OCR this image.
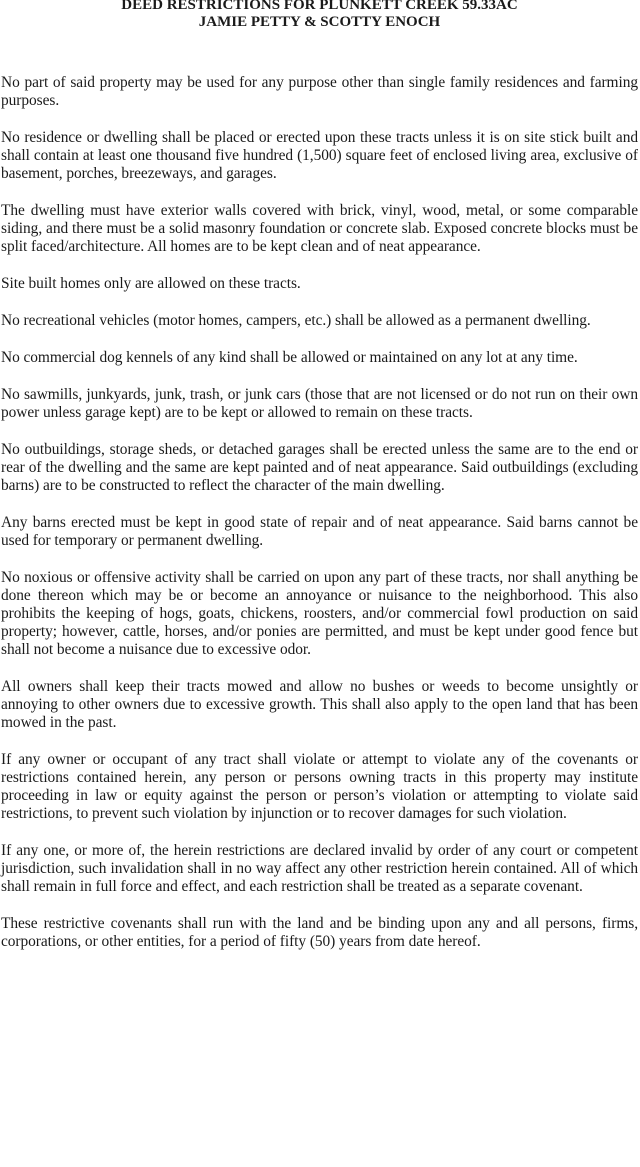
DEED RESTRICTIONS FOR PLUNKETT CREEK 59.33AC
JAMIE PETTY & SCOTTY ENOCH

No part of said property may be used for any purpose other than single family residences and farming purposes.

No residence or dwelling shall be placed or erected upon these tracts unless it is on site stick built and shall contain at least one thousand five hundred (1,500) square feet of enclosed living area, exclusive of basement, porches, breezeways, and garages.

The dwelling must have exterior walls covered with brick, vinyl, wood, metal, or some comparable siding, and there must be a solid masonry foundation or concrete slab. Exposed concrete blocks must be split faced/architecture. All homes are to be kept clean and of neat appearance.

Site built homes only are allowed on these tracts.

No recreational vehicles (motor homes, campers, etc.) shall be allowed as a permanent dwelling.

No commercial dog kennels of any kind shall be allowed or maintained on any lot at any time.

No sawmills, junkyards, junk, trash, or junk cars (those that are not licensed or do not run on their own power unless garage kept) are to be kept or allowed to remain on these tracts.

No outbuildings, storage sheds, or detached garages shall be erected unless the same are to the end or rear of the dwelling and the same are kept painted and of neat appearance. Said outbuildings (excluding barns) are to be constructed to reflect the character of the main dwelling.

Any barns erected must be kept in good state of repair and of neat appearance. Said barns cannot be used for temporary or permanent dwelling.

No noxious or offensive activity shall be carried on upon any part of these tracts, nor shall anything be done thereon which may be or become an annoyance or nuisance to the neighborhood. This also prohibits the keeping of hogs, goats, chickens, roosters, and/or commercial fowl production on said property; however, cattle, horses, and/or ponies are permitted, and must be kept under good fence but shall not become a nuisance due to excessive odor.

All owners shall keep their tracts mowed and allow no bushes or weeds to become unsightly or annoying to other owners due to excessive growth. This shall also apply to the open land that has been mowed in the past.

If any owner or occupant of any tract shall violate or attempt to violate any of the covenants or restrictions contained herein, any person or persons owning tracts in this property may institute proceeding in law or equity against the person or person’s violation or attempting to violate said restrictions, to prevent such violation by injunction or to recover damages for such violation.

If any one, or more of, the herein restrictions are declared invalid by order of any court or competent jurisdiction, such invalidation shall in no way affect any other restriction herein contained. All of which shall remain in full force and effect, and each restriction shall be treated as a separate covenant.

These restrictive covenants shall run with the land and be binding upon any and all persons, firms, corporations, or other entities, for a period of fifty (50) years from date hereof.
